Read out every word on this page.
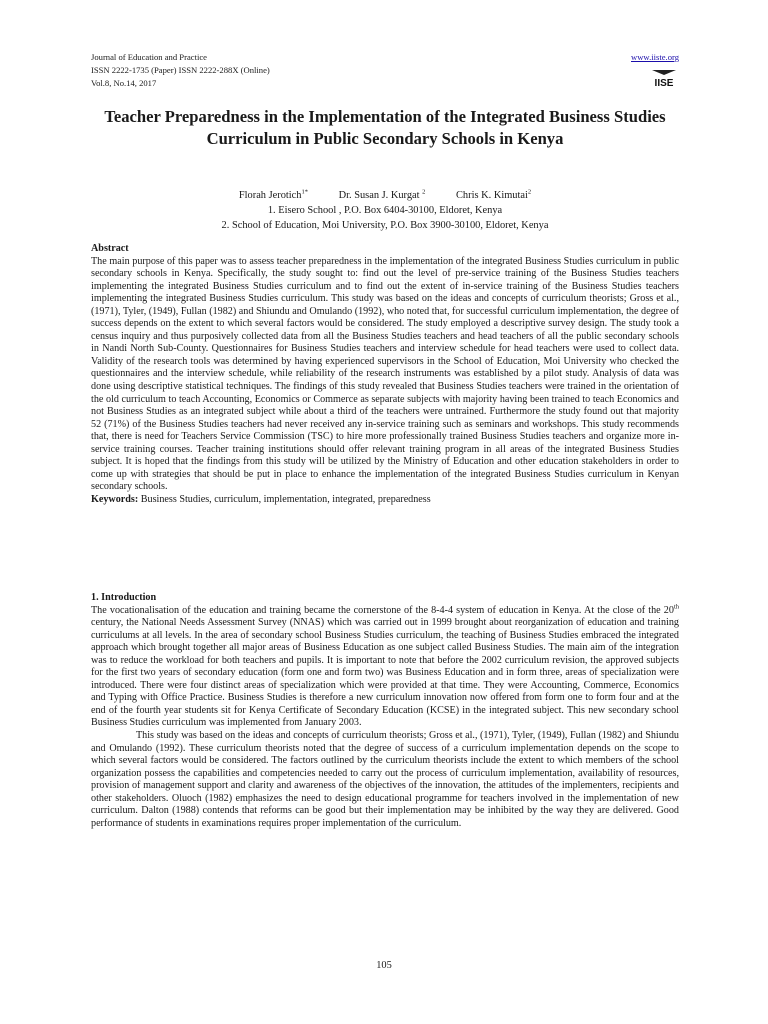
Journal of Education and Practice
ISSN 2222-1735 (Paper) ISSN 2222-288X (Online)
Vol.8, No.14, 2017
www.iiste.org
IISE
Teacher Preparedness in the Implementation of the Integrated Business Studies Curriculum in Public Secondary Schools in Kenya
Florah Jerotich$^{1*}$	Dr. Susan J. Kurgat $^2$	Chris K. Kimutai$^2$
1. Eisero School , P.O. Box 6404-30100, Eldoret, Kenya
2. School of Education, Moi University, P.O. Box 3900-30100, Eldoret, Kenya
Abstract

The main purpose of this paper was to assess teacher preparedness in the implementation of the integrated Business Studies curriculum in public secondary schools in Kenya. Specifically, the study sought to: find out the level of pre-service training of the Business Studies teachers implementing the integrated Business Studies curriculum and to find out the extent of in-service training of the Business Studies teachers implementing the integrated Business Studies curriculum. This study was based on the ideas and concepts of curriculum theorists; Gross et al., (1971), Tyler, (1949), Fullan (1982) and Shiundu and Omulando (1992), who noted that, for successful curriculum implementation, the degree of success depends on the extent to which several factors would be considered. The study employed a descriptive survey design. The study took a census inquiry and thus purposively collected data from all the Business Studies teachers and head teachers of all the public secondary schools in Nandi North Sub-County. Questionnaires for Business Studies teachers and interview schedule for head teachers were used to collect data. Validity of the research tools was determined by having experienced supervisors in the School of Education, Moi University who checked the questionnaires and the interview schedule, while reliability of the research instruments was established by a pilot study. Analysis of data was done using descriptive statistical techniques. The findings of this study revealed that Business Studies teachers were trained in the orientation of the old curriculum to teach Accounting, Economics or Commerce as separate subjects with majority having been trained to teach Economics and not Business Studies as an integrated subject while about a third of the teachers were untrained. Furthermore the study found out that majority 52 (71%) of the Business Studies teachers had never received any in-service training such as seminars and workshops. This study recommends that, there is need for Teachers Service Commission (TSC) to hire more professionally trained Business Studies teachers and organize more in-service training courses. Teacher training institutions should offer relevant training program in all areas of the integrated Business Studies subject. It is hoped that the findings from this study will be utilized by the Ministry of Education and other education stakeholders in order to come up with strategies that should be put in place to enhance the implementation of the integrated Business Studies curriculum in Kenyan secondary schools.

Keywords: Business Studies, curriculum, implementation, integrated, preparedness

1. Introduction

The vocationalisation of the education and training became the cornerstone of the 8-4-4 system of education in Kenya. At the close of the 20th century, the National Needs Assessment Survey (NNAS) which was carried out in 1999 brought about reorganization of education and training curriculums at all levels. In the area of secondary school Business Studies curriculum, the teaching of Business Studies embraced the integrated approach which brought together all major areas of Business Education as one subject called Business Studies. The main aim of the integration was to reduce the workload for both teachers and pupils. It is important to note that before the 2002 curriculum revision, the approved subjects for the first two years of secondary education (form one and form two) was Business Education and in form three, areas of specialization were introduced. There were four distinct areas of specialization which were provided at that time. They were Accounting, Commerce, Economics and Typing with Office Practice. Business Studies is therefore a new curriculum innovation now offered from form one to form four and at the end of the fourth year students sit for Kenya Certificate of Secondary Education (KCSE) in the integrated subject. This new secondary school Business Studies curriculum was implemented from January 2003.

This study was based on the ideas and concepts of curriculum theorists; Gross et al., (1971), Tyler, (1949), Fullan (1982) and Shiundu and Omulando (1992). These curriculum theorists noted that the degree of success of a curriculum implementation depends on the scope to which several factors would be considered. The factors outlined by the curriculum theorists include the extent to which members of the school organization possess the capabilities and competencies needed to carry out the process of curriculum implementation, availability of resources, provision of management support and clarity and awareness of the objectives of the innovation, the attitudes of the implementers, recipients and other stakeholders. Oluoch (1982) emphasizes the need to design educational programme for teachers involved in the implementation of new curriculum. Dalton (1988) contends that reforms can be good but their implementation may be inhibited by the way they are delivered. Good performance of students in examinations requires proper implementation of the curriculum.

105
